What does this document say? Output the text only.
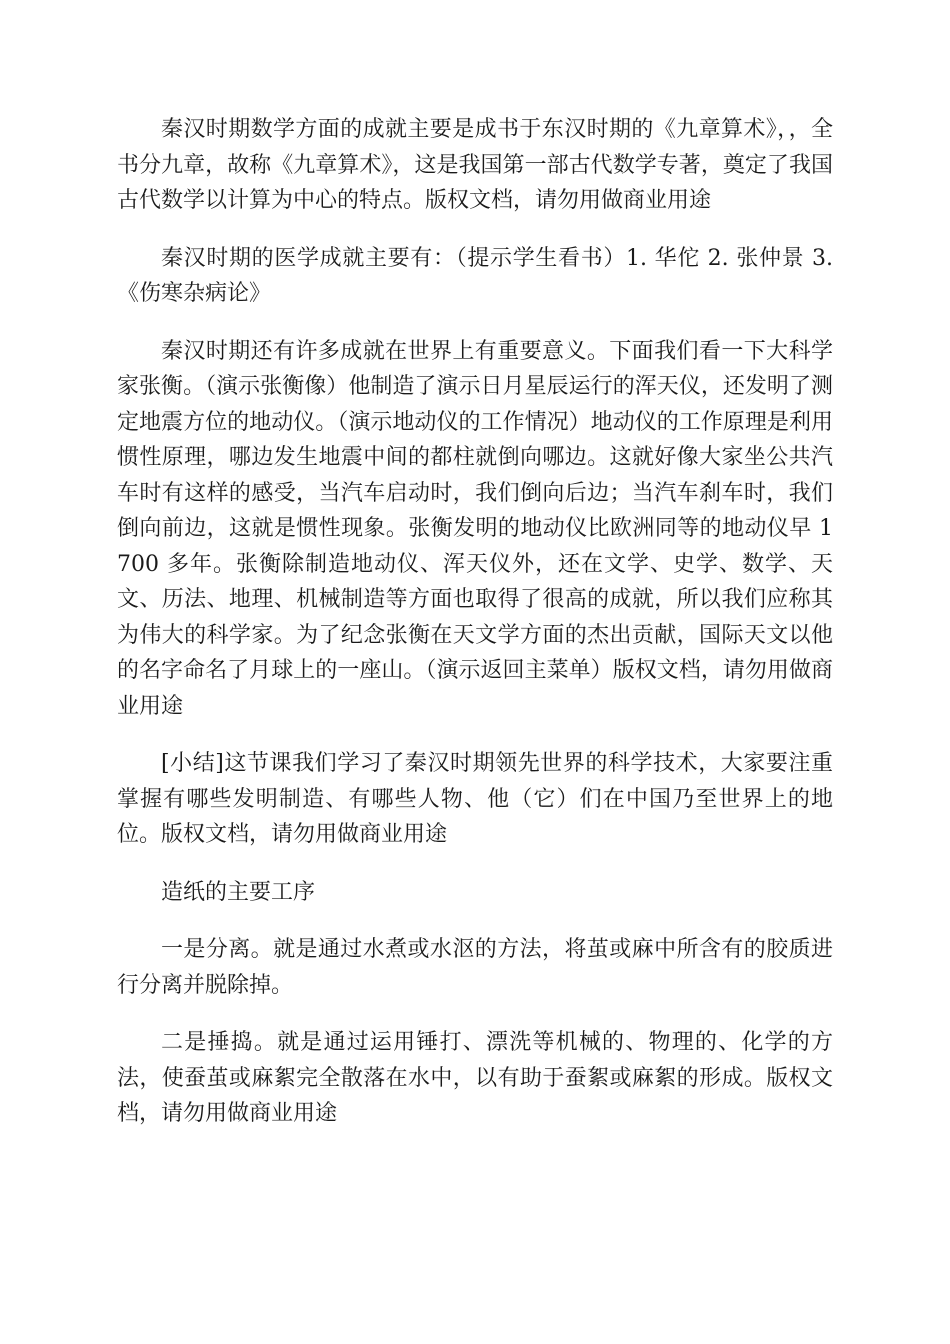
秦汉时期数学方面的成就主要是成书于东汉时期的《九章算术》，，全书分九章，故称《九章算术》，这是我国第一部古代数学专著，奠定了我国古代数学以计算为中心的特点。版权文档，请勿用做商业用途

秦汉时期的医学成就主要有：（提示学生看书）1. 华佗 2. 张仲景 3.《伤寒杂病论》

秦汉时期还有许多成就在世界上有重要意义。下面我们看一下大科学家张衡。（演示张衡像）他制造了演示日月星辰运行的浑天仪，还发明了测定地震方位的地动仪。（演示地动仪的工作情况）地动仪的工作原理是利用惯性原理，哪边发生地震中间的都柱就倒向哪边。这就好像大家坐公共汽车时有这样的感受，当汽车启动时，我们倒向后边；当汽车刹车时，我们倒向前边，这就是惯性现象。张衡发明的地动仪比欧洲同等的地动仪早 1700 多年。张衡除制造地动仪、浑天仪外，还在文学、史学、数学、天文、历法、地理、机械制造等方面也取得了很高的成就，所以我们应称其为伟大的科学家。为了纪念张衡在天文学方面的杰出贡献，国际天文以他的名字命名了月球上的一座山。（演示返回主菜单）版权文档，请勿用做商业用途

[小结]这节课我们学习了秦汉时期领先世界的科学技术，大家要注重掌握有哪些发明制造、有哪些人物、他（它）们在中国乃至世界上的地位。版权文档，请勿用做商业用途

造纸的主要工序

一是分离。就是通过水煮或水沤的方法，将茧或麻中所含有的胶质进行分离并脱除掉。

二是捶捣。就是通过运用锤打、漂洗等机械的、物理的、化学的方法，使蚕茧或麻絮完全散落在水中，以有助于蚕絮或麻絮的形成。版权文档，请勿用做商业用途
